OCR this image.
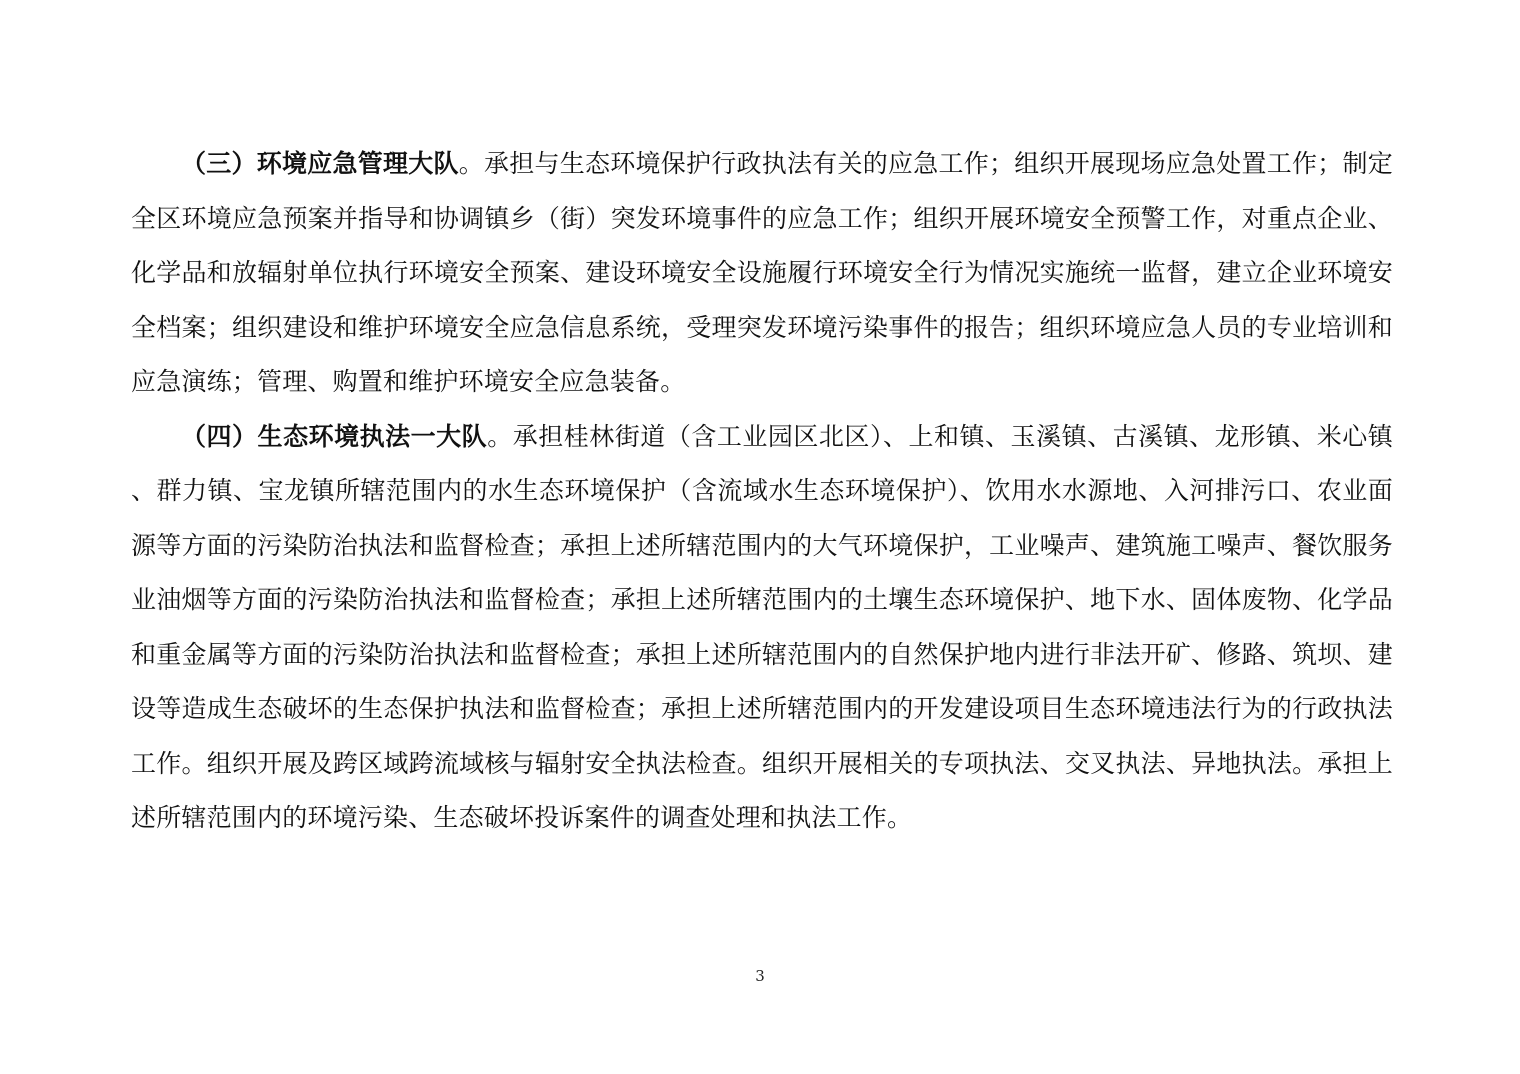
（三）环境应急管理大队。承担与生态环境保护行政执法有关的应急工作；组织开展现场应急处置工作；制定全区环境应急预案并指导和协调镇乡（街）突发环境事件的应急工作；组织开展环境安全预警工作，对重点企业、化学品和放辐射单位执行环境安全预案、建设环境安全设施履行环境安全行为情况实施统一监督，建立企业环境安全档案；组织建设和维护环境安全应急信息系统，受理突发环境污染事件的报告；组织环境应急人员的专业培训和应急演练；管理、购置和维护环境安全应急装备。

（四）生态环境执法一大队。承担桂林街道（含工业园区北区）、上和镇、玉溪镇、古溪镇、龙形镇、米心镇、群力镇、宝龙镇所辖范围内的水生态环境保护（含流域水生态环境保护）、饮用水水源地、入河排污口、农业面源等方面的污染防治执法和监督检查；承担上述所辖范围内的大气环境保护，工业噪声、建筑施工噪声、餐饮服务业油烟等方面的污染防治执法和监督检查；承担上述所辖范围内的土壤生态环境保护、地下水、固体废物、化学品和重金属等方面的污染防治执法和监督检查；承担上述所辖范围内的自然保护地内进行非法开矿、修路、筑坝、建设等造成生态破坏的生态保护执法和监督检查；承担上述所辖范围内的开发建设项目生态环境违法行为的行政执法工作。组织开展及跨区域跨流域核与辐射安全执法检查。组织开展相关的专项执法、交叉执法、异地执法。承担上述所辖范围内的环境污染、生态破坏投诉案件的调查处理和执法工作。

3
